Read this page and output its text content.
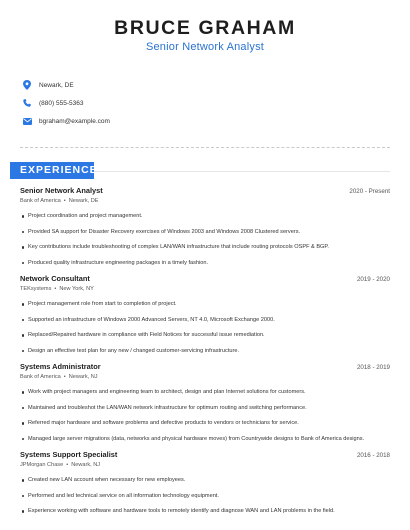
BRUCE GRAHAM
Senior Network Analyst
Newark, DE
(880) 555-5363
bgraham@example.com
EXPERIENCE
Senior Network Analyst	2020 - Present
Bank of America • Newark, DE
Project coordination and project management.
Provided SA support for Disaster Recovery exercises of Windows 2003 and Windows 2008 Clustered servers.
Key contributions include troubleshooting of complex LAN/WAN infrastructure that include routing protocols OSPF & BGP.
Produced quality infrastructure engineering packages in a timely fashion.
Network Consultant	2019 - 2020
TEKsystems • New York, NY
Project management role from start to completion of project.
Supported an infrastructure of Windows 2000 Advanced Servers, NT 4.0, Microsoft Exchange 2000.
Replaced/Repaired hardware in compliance with Field Notices for successful issue remediation.
Design an effective test plan for any new / changed customer-servicing infrastructure.
Systems Administrator	2018 - 2019
Bank of America • Newark, NJ
Work with project managers and engineering team to architect, design and plan Internet solutions for customers.
Maintained and troubleshot the LAN/WAN network infrastructure for optimum routing and switching performance.
Referred major hardware and software problems and defective products to vendors or technicians for service.
Managed large server migrations (data, networks and physical hardware moves) from Countrywide designs to Bank of America designs.
Systems Support Specialist	2016 - 2018
JPMorgan Chase • Newark, NJ
Created new LAN account when necessary for new employees.
Performed and led technical service on all information technology equipment.
Experience working with software and hardware tools to remotely identify and diagnose WAN and LAN problems in the field.
